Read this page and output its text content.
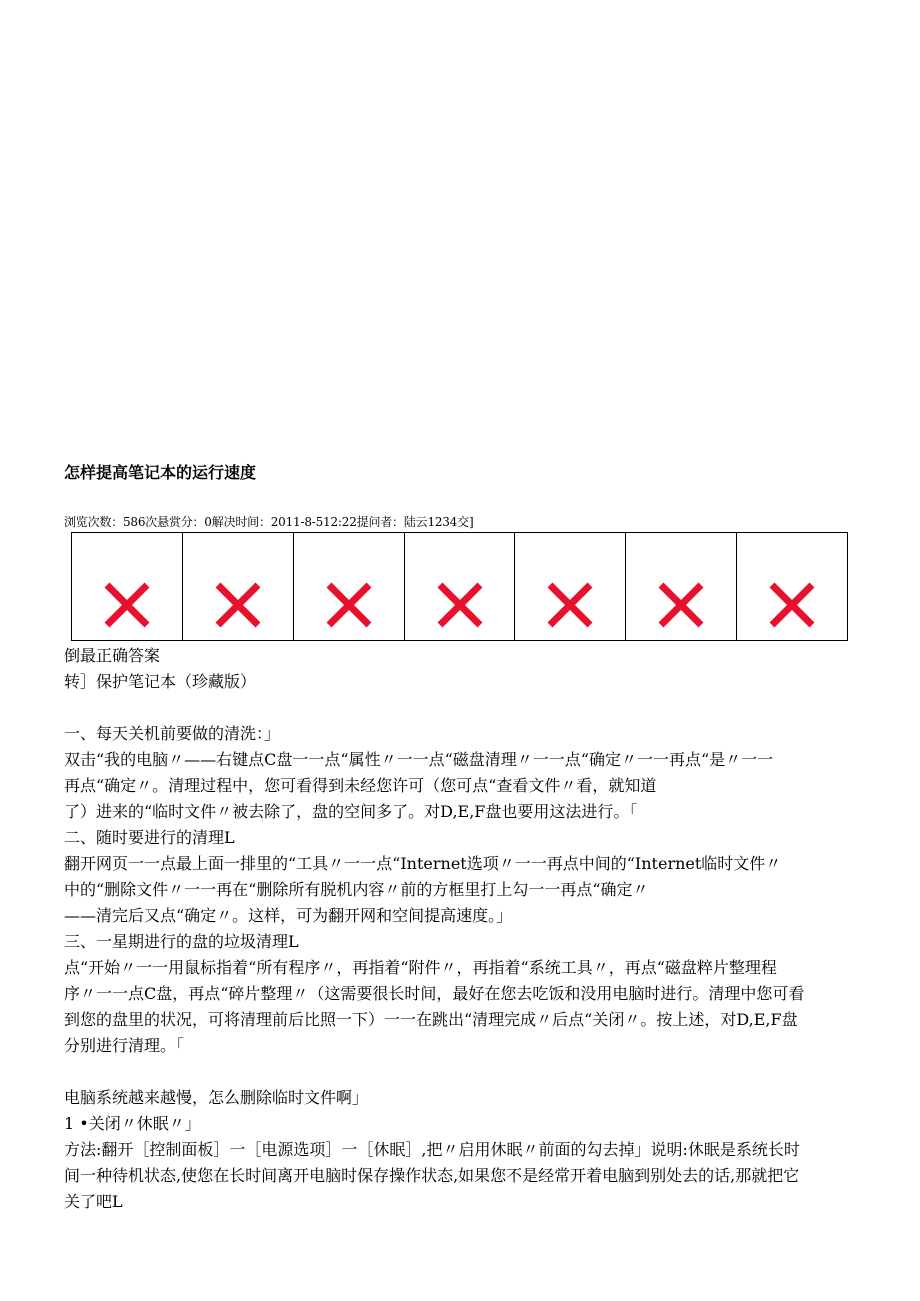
怎样提高笔记本的运行速度
浏览次数：586次悬赏分：0解决时间：2011-8-512:22提问者：陆云1234交]

倒最正确答案

转］保护笔记本（珍藏版）

一、每天关机前要做的清洗：」

双击“我的电脑〃——右键点C盘一一点“属性〃一一点“磁盘清理〃一一点“确定〃一一再点“是〃一一

再点“确定〃。清理过程中，您可看得到未经您许可（您可点“查看文件〃看，就知道

了）进来的“临时文件〃被去除了，盘的空间多了。对D,E,F盘也要用这法进行。「

二、随时要进行的清理L

翻开网页一一点最上面一排里的“工具〃一一点“Internet选项〃一一再点中间的“Internet临时文件〃

中的“删除文件〃一一再在“删除所有脱机内容〃前的方框里打上勾一一再点“确定〃

——清完后又点“确定〃。这样，可为翻开网和空间提高速度。」

三、一星期进行的盘的垃圾清理L

点“开始〃一一用鼠标指着“所有程序〃，再指着“附件〃，再指着“系统工具〃，再点“磁盘粹片整理程

序〃一一点C盘，再点“碎片整理〃（这需要很长时间，最好在您去吃饭和没用电脑时进行。清理中您可看

到您的盘里的状况，可将清理前后比照一下）一一在跳出“清理完成〃后点“关闭〃。按上述，对D,E,F盘

分别进行清理。「

电脑系统越来越慢，怎么删除临时文件啊」

1 •关闭〃休眠〃」

方法:翻开［控制面板］一［电源选项］一［休眠］,把〃启用休眠〃前面的勾去掉」说明:休眠是系统长时

间一种待机状态,使您在长时间离开电脑时保存操作状态,如果您不是经常开着电脑到别处去的话,那就把它

关了吧L
